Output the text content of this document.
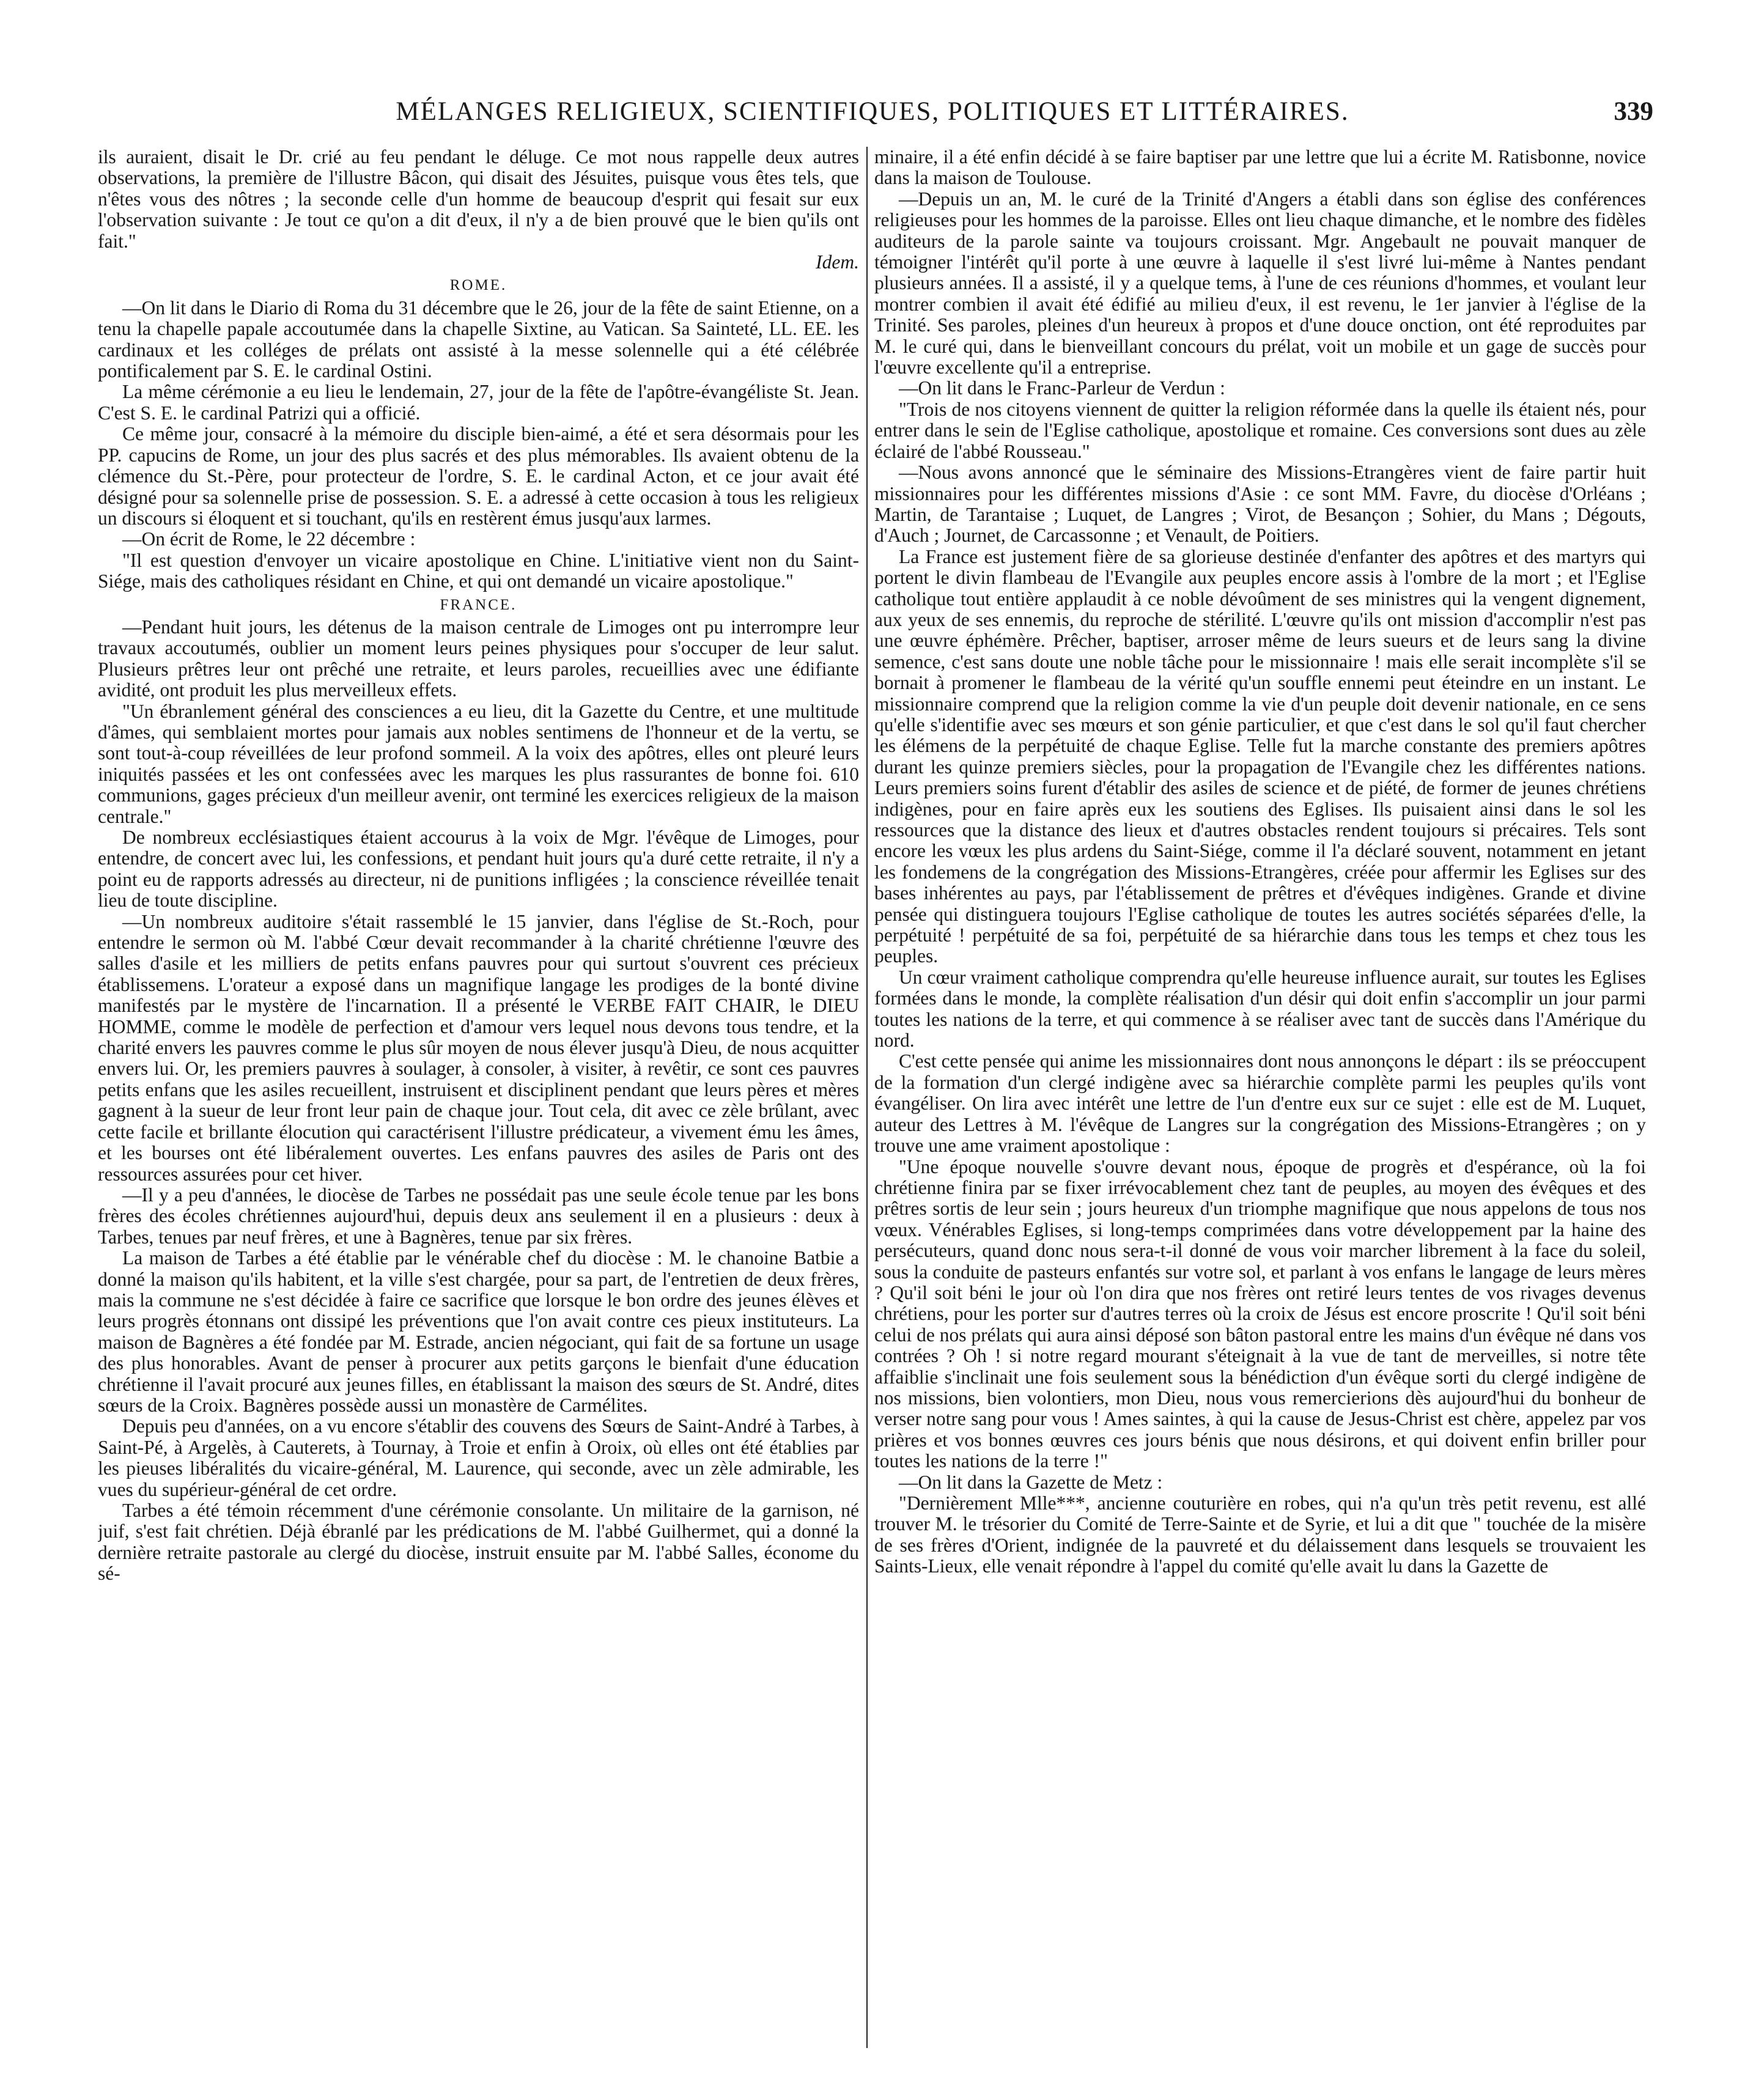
MÉLANGES RELIGIEUX, SCIENTIFIQUES, POLITIQUES ET LITTÉRAIRES.	339

ils auraient, disait le Dr. crié au feu pendant le déluge. Ce mot nous rappelle deux autres observations, la première de l'illustre Bâcon, qui disait des Jésuites, puisque vous êtes tels, que n'êtes vous des nôtres ; la seconde celle d'un homme de beaucoup d'esprit qui fesait sur eux l'observation suivante : Je tout ce qu'on a dit d'eux, il n'y a de bien prouvé que le bien qu'ils ont fait."

Idem.

ROME.

—On lit dans le Diario di Roma du 31 décembre que le 26, jour de la fête de saint Etienne, on a tenu la chapelle papale accoutumée dans la chapelle Sixtine, au Vatican. Sa Sainteté, LL. EE. les cardinaux et les colléges de prélats ont assisté à la messe solennelle qui a été célébrée pontificalement par S. E. le cardinal Ostini.

La même cérémonie a eu lieu le lendemain, 27, jour de la fête de l'apôtre-évangéliste St. Jean. C'est S. E. le cardinal Patrizi qui a officié.

Ce même jour, consacré à la mémoire du disciple bien-aimé, a été et sera désormais pour les PP. capucins de Rome, un jour des plus sacrés et des plus mémorables. Ils avaient obtenu de la clémence du St.-Père, pour protecteur de l'ordre, S. E. le cardinal Acton, et ce jour avait été désigné pour sa solennelle prise de possession. S. E. a adressé à cette occasion à tous les religieux un discours si éloquent et si touchant, qu'ils en restèrent émus jusqu'aux larmes.

—On écrit de Rome, le 22 décembre :

"Il est question d'envoyer un vicaire apostolique en Chine. L'initiative vient non du Saint-Siége, mais des catholiques résidant en Chine, et qui ont demandé un vicaire apostolique."

FRANCE.

—Pendant huit jours, les détenus de la maison centrale de Limoges ont pu interrompre leur travaux accoutumés, oublier un moment leurs peines physiques pour s'occuper de leur salut. Plusieurs prêtres leur ont prêché une retraite, et leurs paroles, recueillies avec une édifiante avidité, ont produit les plus merveilleux effets.

"Un ébranlement général des consciences a eu lieu, dit la Gazette du Centre, et une multitude d'âmes, qui semblaient mortes pour jamais aux nobles sentimens de l'honneur et de la vertu, se sont tout-à-coup réveillées de leur profond sommeil. A la voix des apôtres, elles ont pleuré leurs iniquités passées et les ont confessées avec les marques les plus rassurantes de bonne foi. 610 communions, gages précieux d'un meilleur avenir, ont terminé les exercices religieux de la maison centrale."

De nombreux ecclésiastiques étaient accourus à la voix de Mgr. l'évêque de Limoges, pour entendre, de concert avec lui, les confessions, et pendant huit jours qu'a duré cette retraite, il n'y a point eu de rapports adressés au directeur, ni de punitions infligées ; la conscience réveillée tenait lieu de toute discipline.

—Un nombreux auditoire s'était rassemblé le 15 janvier, dans l'église de St.-Roch, pour entendre le sermon où M. l'abbé Cœur devait recommander à la charité chrétienne l'œuvre des salles d'asile et les milliers de petits enfans pauvres pour qui surtout s'ouvrent ces précieux établissemens. L'orateur a exposé dans un magnifique langage les prodiges de la bonté divine manifestés par le mystère de l'incarnation. Il a présenté le VERBE FAIT CHAIR, le DIEU HOMME, comme le modèle de perfection et d'amour vers lequel nous devons tous tendre, et la charité envers les pauvres comme le plus sûr moyen de nous élever jusqu'à Dieu, de nous acquitter envers lui. Or, les premiers pauvres à soulager, à consoler, à visiter, à revêtir, ce sont ces pauvres petits enfans que les asiles recueillent, instruisent et disciplinent pendant que leurs pères et mères gagnent à la sueur de leur front leur pain de chaque jour. Tout cela, dit avec ce zèle brûlant, avec cette facile et brillante élocution qui caractérisent l'illustre prédicateur, a vivement ému les âmes, et les bourses ont été libéralement ouvertes. Les enfans pauvres des asiles de Paris ont des ressources assurées pour cet hiver.

—Il y a peu d'années, le diocèse de Tarbes ne possédait pas une seule école tenue par les bons frères des écoles chrétiennes aujourd'hui, depuis deux ans seulement il en a plusieurs : deux à Tarbes, tenues par neuf frères, et une à Bagnères, tenue par six frères.

La maison de Tarbes a été établie par le vénérable chef du diocèse : M. le chanoine Batbie a donné la maison qu'ils habitent, et la ville s'est chargée, pour sa part, de l'entretien de deux frères, mais la commune ne s'est décidée à faire ce sacrifice que lorsque le bon ordre des jeunes élèves et leurs progrès étonnans ont dissipé les préventions que l'on avait contre ces pieux instituteurs. La maison de Bagnères a été fondée par M. Estrade, ancien négociant, qui fait de sa fortune un usage des plus honorables. Avant de penser à procurer aux petits garçons le bienfait d'une éducation chrétienne il l'avait procuré aux jeunes filles, en établissant la maison des sœurs de St. André, dites sœurs de la Croix. Bagnères possède aussi un monastère de Carmélites.

Depuis peu d'années, on a vu encore s'établir des couvens des Sœurs de Saint-André à Tarbes, à Saint-Pé, à Argelès, à Cauterets, à Tournay, à Troie et enfin à Oroix, où elles ont été établies par les pieuses libéralités du vicaire-général, M. Laurence, qui seconde, avec un zèle admirable, les vues du supérieur-général de cet ordre.

Tarbes a été témoin récemment d'une cérémonie consolante. Un militaire de la garnison, né juif, s'est fait chrétien. Déjà ébranlé par les prédications de M. l'abbé Guilhermet, qui a donné la dernière retraite pastorale au clergé du diocèse, instruit ensuite par M. l'abbé Salles, économe du sé-

minaire, il a été enfin décidé à se faire baptiser par une lettre que lui a écrite M. Ratisbonne, novice dans la maison de Toulouse.

—Depuis un an, M. le curé de la Trinité d'Angers a établi dans son église des conférences religieuses pour les hommes de la paroisse. Elles ont lieu chaque dimanche, et le nombre des fidèles auditeurs de la parole sainte va toujours croissant. Mgr. Angebault ne pouvait manquer de témoigner l'intérêt qu'il porte à une œuvre à laquelle il s'est livré lui-même à Nantes pendant plusieurs années. Il a assisté, il y a quelque tems, à l'une de ces réunions d'hommes, et voulant leur montrer combien il avait été édifié au milieu d'eux, il est revenu, le 1er janvier à l'église de la Trinité. Ses paroles, pleines d'un heureux à propos et d'une douce onction, ont été reproduites par M. le curé qui, dans le bienveillant concours du prélat, voit un mobile et un gage de succès pour l'œuvre excellente qu'il a entreprise.

—On lit dans le Franc-Parleur de Verdun :

"Trois de nos citoyens viennent de quitter la religion réformée dans la quelle ils étaient nés, pour entrer dans le sein de l'Eglise catholique, apostolique et romaine. Ces conversions sont dues au zèle éclairé de l'abbé Rousseau."

—Nous avons annoncé que le séminaire des Missions-Etrangères vient de faire partir huit missionnaires pour les différentes missions d'Asie : ce sont MM. Favre, du diocèse d'Orléans ; Martin, de Tarantaise ; Luquet, de Langres ; Virot, de Besançon ; Sohier, du Mans ; Dégouts, d'Auch ; Journet, de Carcassonne ; et Venault, de Poitiers.

La France est justement fière de sa glorieuse destinée d'enfanter des apôtres et des martyrs qui portent le divin flambeau de l'Evangile aux peuples encore assis à l'ombre de la mort ; et l'Eglise catholique tout entière applaudit à ce noble dévoûment de ses ministres qui la vengent dignement, aux yeux de ses ennemis, du reproche de stérilité. L'œuvre qu'ils ont mission d'accomplir n'est pas une œuvre éphémère. Prêcher, baptiser, arroser même de leurs sueurs et de leurs sang la divine semence, c'est sans doute une noble tâche pour le missionnaire ! mais elle serait incomplète s'il se bornait à promener le flambeau de la vérité qu'un souffle ennemi peut éteindre en un instant. Le missionnaire comprend que la religion comme la vie d'un peuple doit devenir nationale, en ce sens qu'elle s'identifie avec ses mœurs et son génie particulier, et que c'est dans le sol qu'il faut chercher les élémens de la perpétuité de chaque Eglise. Telle fut la marche constante des premiers apôtres durant les quinze premiers siècles, pour la propagation de l'Evangile chez les différentes nations. Leurs premiers soins furent d'établir des asiles de science et de piété, de former de jeunes chrétiens indigènes, pour en faire après eux les soutiens des Eglises. Ils puisaient ainsi dans le sol les ressources que la distance des lieux et d'autres obstacles rendent toujours si précaires. Tels sont encore les vœux les plus ardens du Saint-Siége, comme il l'a déclaré souvent, notamment en jetant les fondemens de la congrégation des Missions-Etrangères, créée pour affermir les Eglises sur des bases inhérentes au pays, par l'établissement de prêtres et d'évêques indigènes. Grande et divine pensée qui distinguera toujours l'Eglise catholique de toutes les autres sociétés séparées d'elle, la perpétuité ! perpétuité de sa foi, perpétuité de sa hiérarchie dans tous les temps et chez tous les peuples.

Un cœur vraiment catholique comprendra qu'elle heureuse influence aurait, sur toutes les Eglises formées dans le monde, la complète réalisation d'un désir qui doit enfin s'accomplir un jour parmi toutes les nations de la terre, et qui commence à se réaliser avec tant de succès dans l'Amérique du nord.

C'est cette pensée qui anime les missionnaires dont nous annonçons le départ : ils se préoccupent de la formation d'un clergé indigène avec sa hiérarchie complète parmi les peuples qu'ils vont évangéliser. On lira avec intérêt une lettre de l'un d'entre eux sur ce sujet : elle est de M. Luquet, auteur des Lettres à M. l'évêque de Langres sur la congrégation des Missions-Etrangères ; on y trouve une ame vraiment apostolique :

"Une époque nouvelle s'ouvre devant nous, époque de progrès et d'espérance, où la foi chrétienne finira par se fixer irrévocablement chez tant de peuples, au moyen des évêques et des prêtres sortis de leur sein ; jours heureux d'un triomphe magnifique que nous appelons de tous nos vœux. Vénérables Eglises, si long-temps comprimées dans votre développement par la haine des persécuteurs, quand donc nous sera-t-il donné de vous voir marcher librement à la face du soleil, sous la conduite de pasteurs enfantés sur votre sol, et parlant à vos enfans le langage de leurs mères ? Qu'il soit béni le jour où l'on dira que nos frères ont retiré leurs tentes de vos rivages devenus chrétiens, pour les porter sur d'autres terres où la croix de Jésus est encore proscrite ! Qu'il soit béni celui de nos prélats qui aura ainsi déposé son bâton pastoral entre les mains d'un évêque né dans vos contrées ? Oh ! si notre regard mourant s'éteignait à la vue de tant de merveilles, si notre tête affaiblie s'inclinait une fois seulement sous la bénédiction d'un évêque sorti du clergé indigène de nos missions, bien volontiers, mon Dieu, nous vous remercierions dès aujourd'hui du bonheur de verser notre sang pour vous ! Ames saintes, à qui la cause de Jesus-Christ est chère, appelez par vos prières et vos bonnes œuvres ces jours bénis que nous désirons, et qui doivent enfin briller pour toutes les nations de la terre !"

—On lit dans la Gazette de Metz :

"Dernièrement Mlle***, ancienne couturière en robes, qui n'a qu'un très petit revenu, est allé trouver M. le trésorier du Comité de Terre-Sainte et de Syrie, et lui a dit que " touchée de la misère de ses frères d'Orient, indignée de la pauvreté et du délaissement dans lesquels se trouvaient les Saints-Lieux, elle venait répondre à l'appel du comité qu'elle avait lu dans la Gazette de
